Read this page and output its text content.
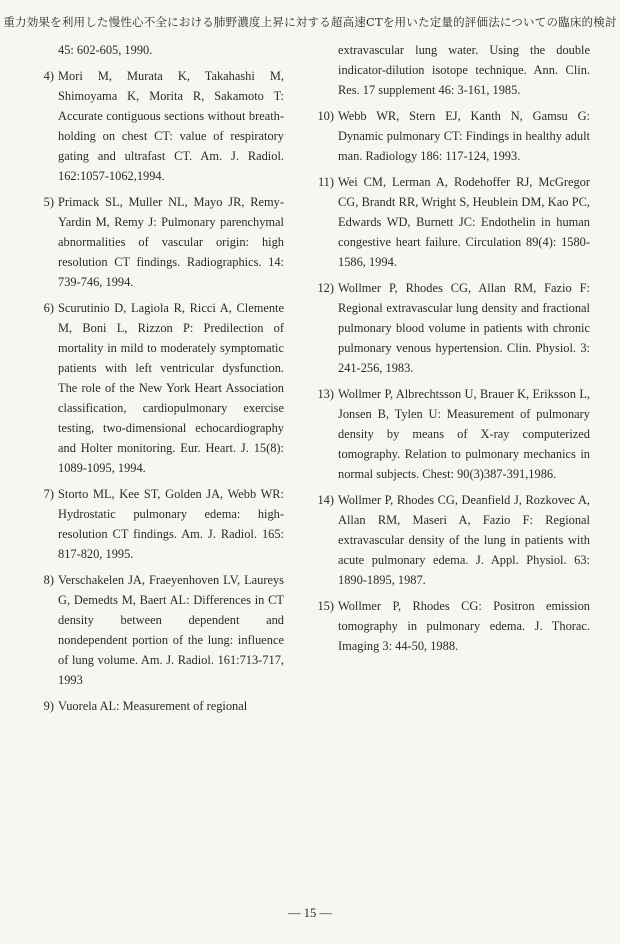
重力効果を利用した慢性心不全における肺野濃度上昇に対する超高速CTを用いた定量的評価法についての臨床的検討
45: 602-605, 1990.
4) Mori M, Murata K, Takahashi M, Shimoyama K, Morita R, Sakamoto T: Accurate contiguous sections without breath-holding on chest CT: value of respiratory gating and ultrafast CT. Am. J. Radiol. 162:1057-1062,1994.
5) Primack SL, Muller NL, Mayo JR, Remy-Yardin M, Remy J: Pulmonary parenchymal abnormalities of vascular origin: high resolution CT findings. Radiographics. 14: 739-746, 1994.
6) Scurutinio D, Lagiola R, Ricci A, Clemente M, Boni L, Rizzon P: Predilection of mortality in mild to moderately symptomatic patients with left ventricular dysfunction. The role of the New York Heart Association classification, cardiopulmonary exercise testing, two-dimensional echocardiography and Holter monitoring. Eur. Heart. J. 15(8): 1089-1095, 1994.
7) Storto ML, Kee ST, Golden JA, Webb WR: Hydrostatic pulmonary edema: high-resolution CT findings. Am. J. Radiol. 165: 817-820, 1995.
8) Verschakelen JA, Fraeyenhoven LV, Laureys G, Demedts M, Baert AL: Differences in CT density between dependent and nondependent portion of the lung: influence of lung volume. Am. J. Radiol. 161:713-717, 1993
9) Vuorela AL: Measurement of regional
extravascular lung water. Using the double indicator-dilution isotope technique. Ann. Clin. Res. 17 supplement 46: 3-161, 1985.
10) Webb WR, Stern EJ, Kanth N, Gamsu G: Dynamic pulmonary CT: Findings in healthy adult man. Radiology 186: 117-124, 1993.
11) Wei CM, Lerman A, Rodehoffer RJ, McGregor CG, Brandt RR, Wright S, Heublein DM, Kao PC, Edwards WD, Burnett JC: Endothelin in human congestive heart failure. Circulation 89(4): 1580-1586, 1994.
12) Wollmer P, Rhodes CG, Allan RM, Fazio F: Regional extravascular lung density and fractional pulmonary blood volume in patients with chronic pulmonary venous hypertension. Clin. Physiol. 3: 241-256, 1983.
13) Wollmer P, Albrechtsson U, Brauer K, Eriksson L, Jonsen B, Tylen U: Measurement of pulmonary density by means of X-ray computerized tomography. Relation to pulmonary mechanics in normal subjects. Chest: 90(3)387-391,1986.
14) Wollmer P, Rhodes CG, Deanfield J, Rozkovec A, Allan RM, Maseri A, Fazio F: Regional extravascular density of the lung in patients with acute pulmonary edema. J. Appl. Physiol. 63: 1890-1895, 1987.
15) Wollmer P, Rhodes CG: Positron emission tomography in pulmonary edema. J. Thorac. Imaging 3: 44-50, 1988.
— 15 —
